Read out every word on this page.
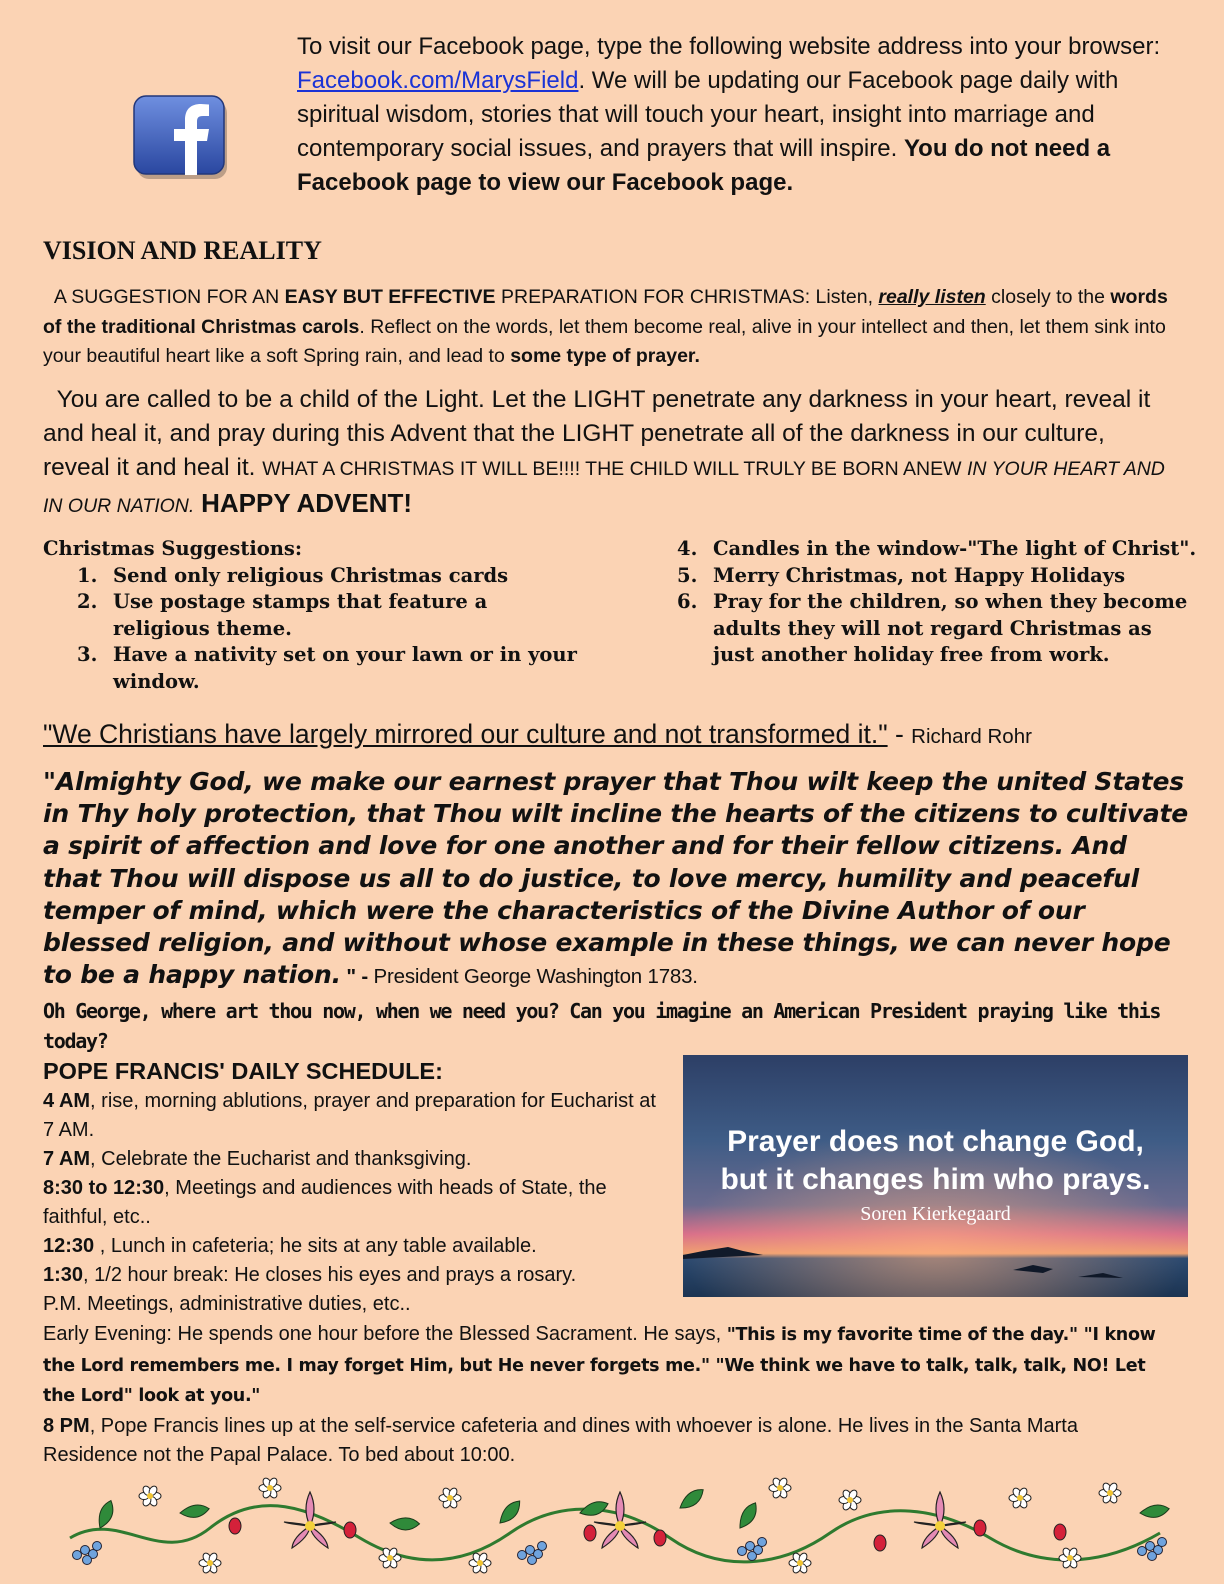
To visit our Facebook page, type the following website address into your browser: Facebook.com/MarysField. We will be updating our Facebook page daily with spiritual wisdom, stories that will touch your heart, insight into marriage and contemporary social issues, and prayers that will inspire. You do not need a Facebook page to view our Facebook page.
VISION AND REALITY
A SUGGESTION FOR AN EASY BUT EFFECTIVE PREPARATION FOR CHRISTMAS: Listen, really listen closely to the words of the traditional Christmas carols. Reflect on the words, let them become real, alive in your intellect and then, let them sink into your beautiful heart like a soft Spring rain, and lead to some type of prayer.
You are called to be a child of the Light. Let the LIGHT penetrate any darkness in your heart, reveal it and heal it, and pray during this Advent that the LIGHT penetrate all of the darkness in our culture, reveal it and heal it. WHAT A CHRISTMAS IT WILL BE!!!! THE CHILD WILL TRULY BE BORN ANEW IN YOUR HEART AND IN OUR NATION. HAPPY ADVENT!
Christmas Suggestions:
1. Send only religious Christmas cards
2. Use postage stamps that feature a religious theme.
3. Have a nativity set on your lawn or in your window.
4. Candles in the window-"The light of Christ".
5. Merry Christmas, not Happy Holidays
6. Pray for the children, so when they become adults they will not regard Christmas as just another holiday free from work.
"We Christians have largely mirrored our culture and not transformed it." - Richard Rohr
"Almighty God, we make our earnest prayer that Thou wilt keep the united States in Thy holy protection, that Thou wilt incline the hearts of the citizens to cultivate a spirit of affection and love for one another and for their fellow citizens. And that Thou will dispose us all to do justice, to love mercy, humility and peaceful temper of mind, which were the characteristics of the Divine Author of our blessed religion, and without whose example in these things, we can never hope to be a happy nation. " - President George Washington 1783.
Oh George, where art thou now, when we need you? Can you imagine an American President praying like this today?
POPE FRANCIS' DAILY SCHEDULE:
4 AM, rise, morning ablutions, prayer and preparation for Eucharist at 7 AM.
7 AM, Celebrate the Eucharist and thanksgiving.
8:30 to 12:30, Meetings and audiences with heads of State, the faithful, etc..
12:30 , Lunch in cafeteria; he sits at any table available.
1:30, 1/2 hour break: He closes his eyes and prays a rosary.
P.M. Meetings, administrative duties, etc..
Early Evening: He spends one hour before the Blessed Sacrament. He says, "This is my favorite time of the day." "I know the Lord remembers me. I may forget Him, but He never forgets me." "We think we have to talk, talk, talk, NO! Let the Lord" look at you."
8 PM, Pope Francis lines up at the self-service cafeteria and dines with whoever is alone. He lives in the Santa Marta Residence not the Papal Palace. To bed about 10:00.
Prayer does not change God,
but it changes him who prays.
Soren Kierkegaard
